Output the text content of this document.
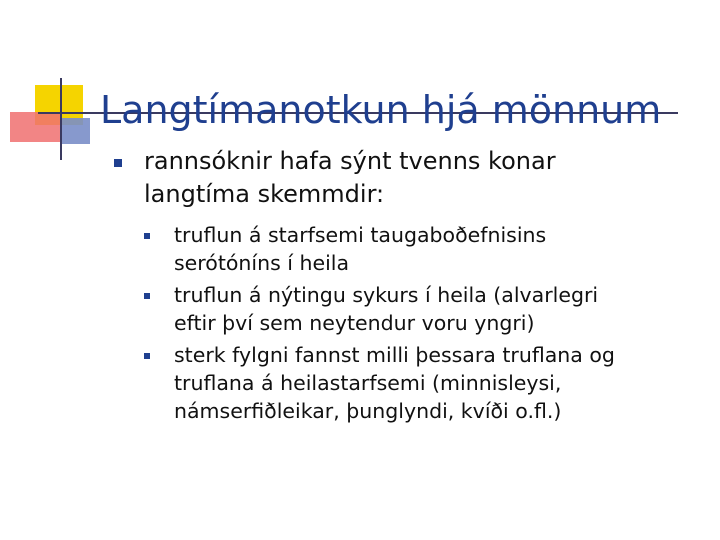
Langtímanotkun hjá mönnum
rannsóknir hafa sýnt tvenns konar
langtíma skemmdir:
truflun á starfsemi taugaboðefnisins
serótóníns í heila
truflun á nýtingu sykurs í heila (alvarlegri
eftir því sem neytendur voru yngri)
sterk fylgni fannst milli þessara truflana og
truflana á heilastarfsemi (minnisleysi,
námserfiðleikar, þunglyndi, kvíði o.fl.)
